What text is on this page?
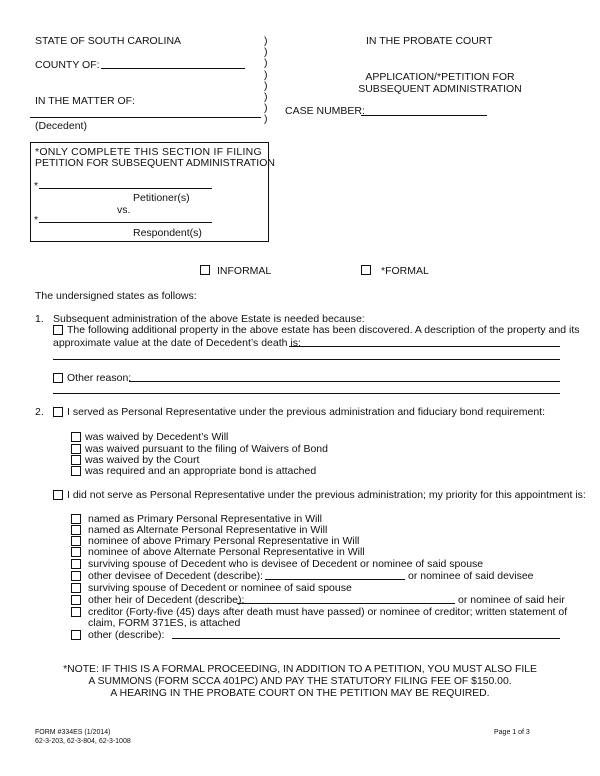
STATE OF SOUTH CAROLINA	IN THE PROBATE COURT
COUNTY OF:
IN THE MATTER OF:
(Decedent)
)
)
)
)
)
)
)
)
APPLICATION/*PETITION FOR
SUBSEQUENT ADMINISTRATION
CASE NUMBER:
*ONLY COMPLETE THIS SECTION IF FILING
PETITION FOR SUBSEQUENT ADMINISTRATION
*
Petitioner(s)
vs.
*
Respondent(s)
INFORMAL	*FORMAL
The undersigned states as follows:
1. Subsequent administration of the above Estate is needed because:
The following additional property in the above estate has been discovered. A description of the property and its
approximate value at the date of Decedent’s death is:
Other reason:
2. I served as Personal Representative under the previous administration and fiduciary bond requirement:
was waived by Decedent’s Will
was waived pursuant to the filing of Waivers of Bond
was waived by the Court
was required and an appropriate bond is attached
I did not serve as Personal Representative under the previous administration; my priority for this appointment is:
named as Primary Personal Representative in Will
named as Alternate Personal Representative in Will
nominee of above Primary Personal Representative in Will
nominee of above Alternate Personal Representative in Will
surviving spouse of Decedent who is devisee of Decedent or nominee of said spouse
other devisee of Decedent (describe):	or nominee of said devisee
surviving spouse of Decedent or nominee of said spouse
other heir of Decedent (describe):	or nominee of said heir
creditor (Forty-five (45) days after death must have passed) or nominee of creditor; written statement of
claim, FORM 371ES, is attached
other (describe):
*NOTE: IF THIS IS A FORMAL PROCEEDING, IN ADDITION TO A PETITION, YOU MUST ALSO FILE
A SUMMONS (FORM SCCA 401PC) AND PAY THE STATUTORY FILING FEE OF $150.00.
A HEARING IN THE PROBATE COURT ON THE PETITION MAY BE REQUIRED.
FORM #334ES (1/2014)
62-3-203, 62-3-804, 62-3-1008
Page 1 of 3
